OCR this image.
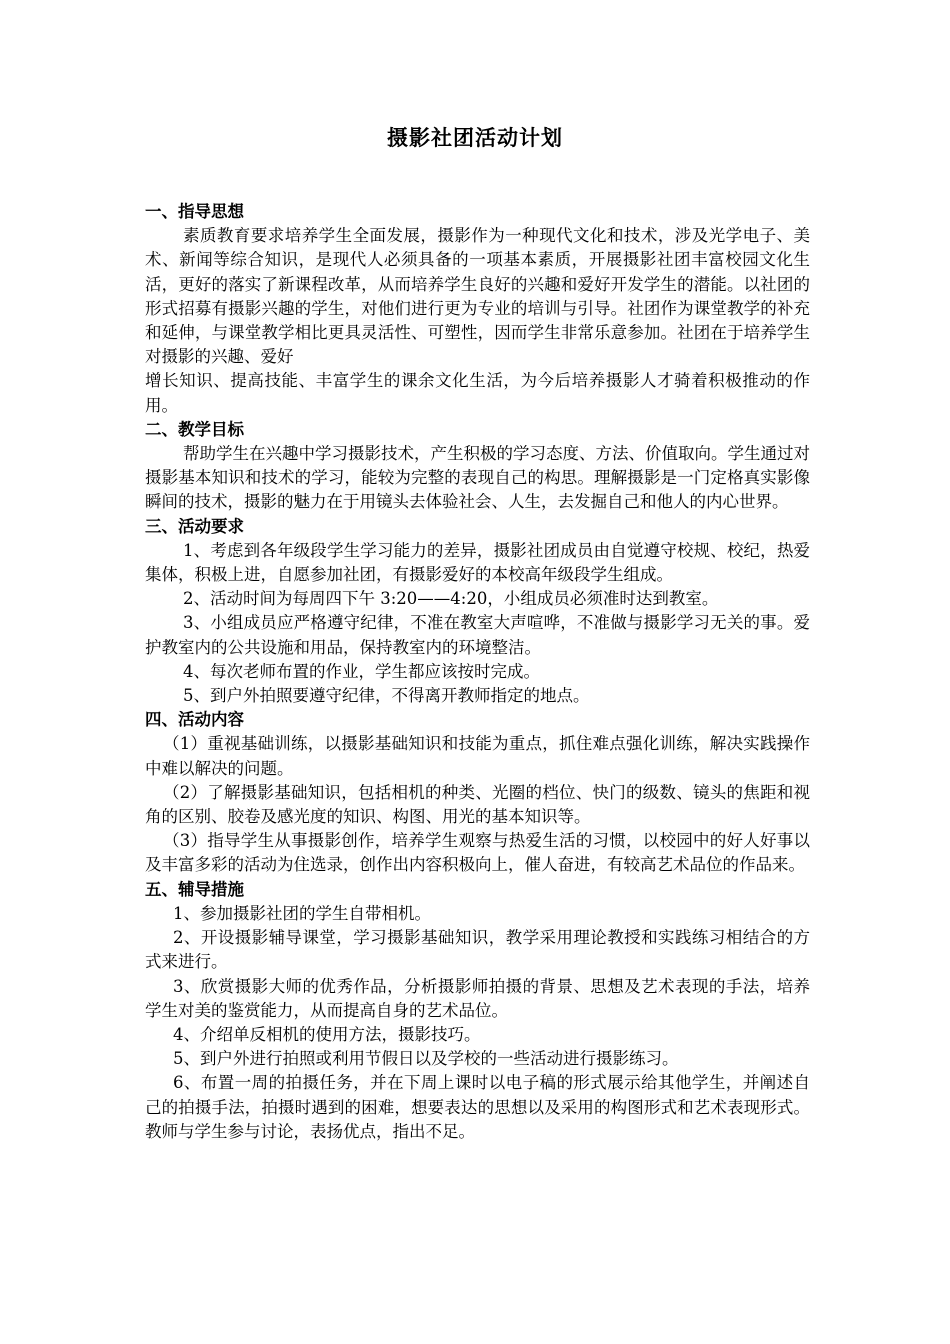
摄影社团活动计划
一、指导思想
素质教育要求培养学生全面发展，摄影作为一种现代文化和技术，涉及光学电子、美术、新闻等综合知识，是现代人必须具备的一项基本素质，开展摄影社团丰富校园文化生活，更好的落实了新课程改革，从而培养学生良好的兴趣和爱好开发学生的潜能。以社团的形式招募有摄影兴趣的学生，对他们进行更为专业的培训与引导。社团作为课堂教学的补充和延伸，与课堂教学相比更具灵活性、可塑性，因而学生非常乐意参加。社团在于培养学生对摄影的兴趣、爱好
增长知识、提高技能、丰富学生的课余文化生活，为今后培养摄影人才骑着积极推动的作用。
二、教学目标
帮助学生在兴趣中学习摄影技术，产生积极的学习态度、方法、价值取向。学生通过对摄影基本知识和技术的学习，能较为完整的表现自己的构思。理解摄影是一门定格真实影像瞬间的技术，摄影的魅力在于用镜头去体验社会、人生，去发掘自己和他人的内心世界。
三、活动要求
1、考虑到各年级段学生学习能力的差异，摄影社团成员由自觉遵守校规、校纪，热爱集体，积极上进，自愿参加社团，有摄影爱好的本校高年级段学生组成。
2、活动时间为每周四下午 3:20——4:20，小组成员必须准时达到教室。
3、小组成员应严格遵守纪律，不准在教室大声喧哗，不准做与摄影学习无关的事。爱护教室内的公共设施和用品，保持教室内的环境整洁。
4、每次老师布置的作业，学生都应该按时完成。
5、到户外拍照要遵守纪律，不得离开教师指定的地点。
四、活动内容
（1）重视基础训练，以摄影基础知识和技能为重点，抓住难点强化训练，解决实践操作中难以解决的问题。
（2）了解摄影基础知识，包括相机的种类、光圈的档位、快门的级数、镜头的焦距和视角的区别、胶卷及感光度的知识、构图、用光的基本知识等。
（3）指导学生从事摄影创作，培养学生观察与热爱生活的习惯，以校园中的好人好事以及丰富多彩的活动为住选录，创作出内容积极向上，催人奋进，有较高艺术品位的作品来。
五、辅导措施
1、参加摄影社团的学生自带相机。
2、开设摄影辅导课堂，学习摄影基础知识，教学采用理论教授和实践练习相结合的方式来进行。
3、欣赏摄影大师的优秀作品，分析摄影师拍摄的背景、思想及艺术表现的手法，培养学生对美的鉴赏能力，从而提高自身的艺术品位。
4、介绍单反相机的使用方法，摄影技巧。
5、到户外进行拍照或利用节假日以及学校的一些活动进行摄影练习。
6、布置一周的拍摄任务，并在下周上课时以电子稿的形式展示给其他学生，并阐述自己的拍摄手法，拍摄时遇到的困难，想要表达的思想以及采用的构图形式和艺术表现形式。教师与学生参与讨论，表扬优点，指出不足。
